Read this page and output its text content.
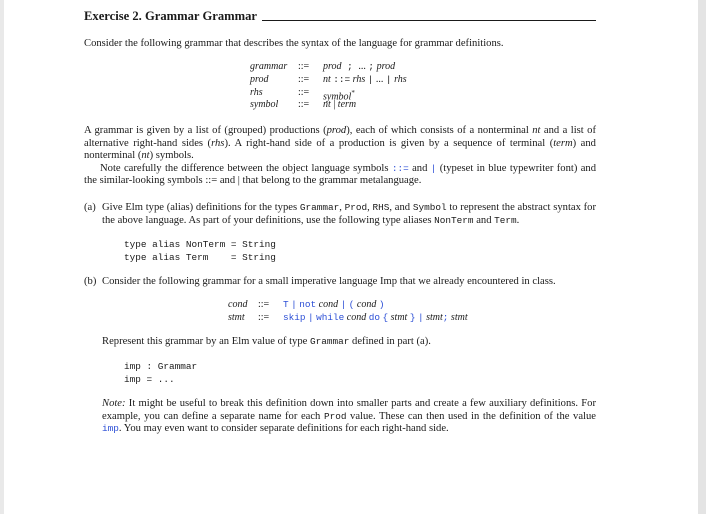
Exercise 2. Grammar Grammar
Consider the following grammar that describes the syntax of the language for grammar definitions.
grammar ::= prod ; ... ; prod
prod	::= nt ::= rhs | ... | rhs
rhs	::= symbol*
symbol ::= nt | term

A grammar is given by a list of (grouped) productions (prod), each of which consists of a nonterminal nt and a list of alternative right-hand sides (rhs). A right-hand side of a production is given by a sequence of terminal (term) and nonterminal (nt) symbols.

Note carefully the difference between the object language symbols ::= and | (typeset in blue typewriter font) and the similar-looking symbols ::= and | that belong to the grammar metalanguage.

(a) Give Elm type (alias) definitions for the types Grammar, Prod, RHS, and Symbol to represent the abstract syntax for the above language. As part of your definitions, use the following type aliases NonTerm and Term.
type alias NonTerm = String
type alias Term    = String
(b) Consider the following grammar for a small imperative language Imp that we already encountered in class.
cond ::= T | not cond | ( cond )
stmt ::= skip | while cond do { stmt } | stmt; stmt
Represent this grammar by an Elm value of type Grammar defined in part (a).
imp : Grammar
imp = ...
Note: It might be useful to break this definition down into smaller parts and create a few auxiliary definitions. For example, you can define a separate name for each Prod value. These can then used in the definition of the value imp. You may even want to consider separate definitions for each right-hand side.
